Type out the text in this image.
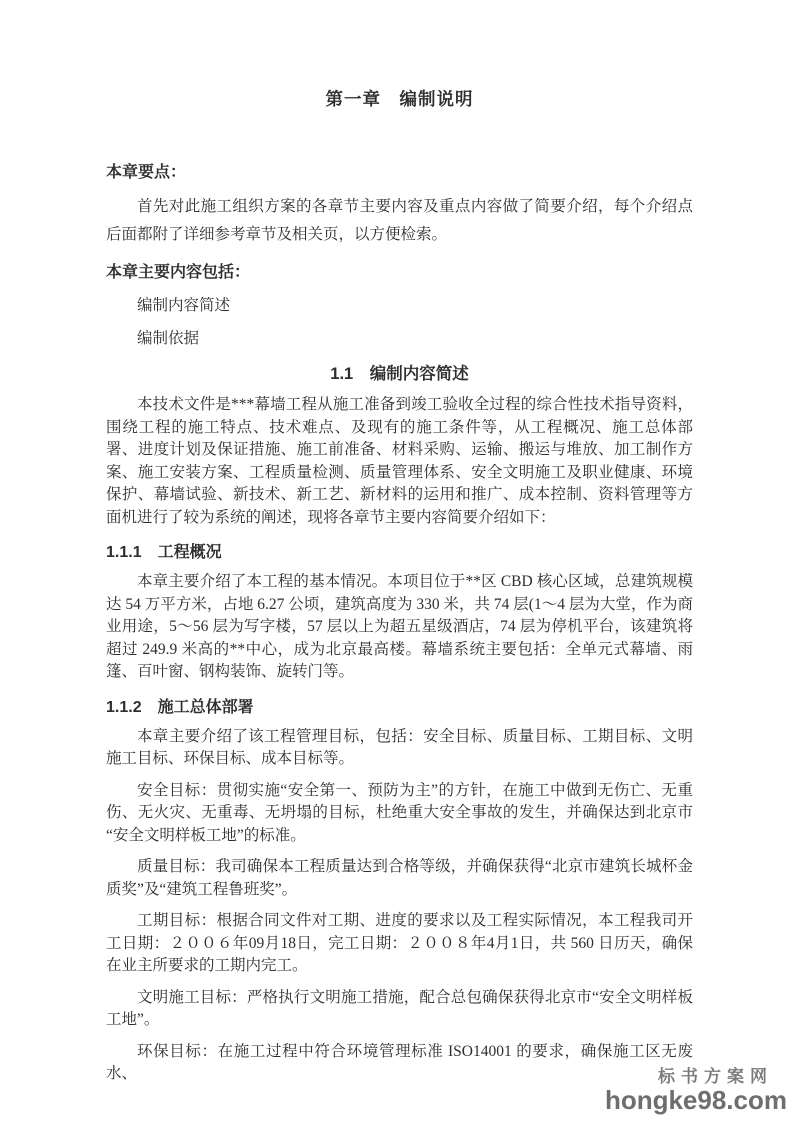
第一章　编制说明
本章要点：

首先对此施工组织方案的各章节主要内容及重点内容做了简要介绍，每个介绍点后面都附了详细参考章节及相关页，以方便检索。

本章主要内容包括：
编制内容简述
编制依据
1.1　编制内容简述

本技术文件是***幕墙工程从施工准备到竣工验收全过程的综合性技术指导资料，围绕工程的施工特点、技术难点、及现有的施工条件等，从工程概况、施工总体部署、进度计划及保证措施、施工前准备、材料采购、运输、搬运与堆放、加工制作方案、施工安装方案、工程质量检测、质量管理体系、安全文明施工及职业健康、环境保护、幕墙试验、新技术、新工艺、新材料的运用和推广、成本控制、资料管理等方面机进行了较为系统的阐述，现将各章节主要内容简要介绍如下：

1.1.1　工程概况

本章主要介绍了本工程的基本情况。本项目位于**区 CBD 核心区域，总建筑规模达 54 万平方米，占地 6.27 公顷，建筑高度为 330 米，共 74 层(1～4 层为大堂，作为商业用途，5～56 层为写字楼，57 层以上为超五星级酒店，74 层为停机平台，该建筑将超过 249.9 米高的**中心，成为北京最高楼。幕墙系统主要包括：全单元式幕墙、雨篷、百叶窗、钢构装饰、旋转门等。

1.1.2　施工总体部署

本章主要介绍了该工程管理目标，包括：安全目标、质量目标、工期目标、文明施工目标、环保目标、成本目标等。

安全目标：贯彻实施“安全第一、预防为主”的方针，在施工中做到无伤亡、无重伤、无火灾、无重毒、无坍塌的目标，杜绝重大安全事故的发生，并确保达到北京市“安全文明样板工地”的标准。

质量目标：我司确保本工程质量达到合格等级，并确保获得“北京市建筑长城杯金质奖”及“建筑工程鲁班奖”。

工期目标：根据合同文件对工期、进度的要求以及工程实际情况，本工程我司开工日期：２００６年09月18日，完工日期：２００８年4月1日，共 560 日历天，确保在业主所要求的工期内完工。

文明施工目标：严格执行文明施工措施，配合总包确保获得北京市“安全文明样板工地”。

环保目标：在施工过程中符合环境管理标准 ISO14001 的要求，确保施工区无废水、	标书方案网
hongke98.com
